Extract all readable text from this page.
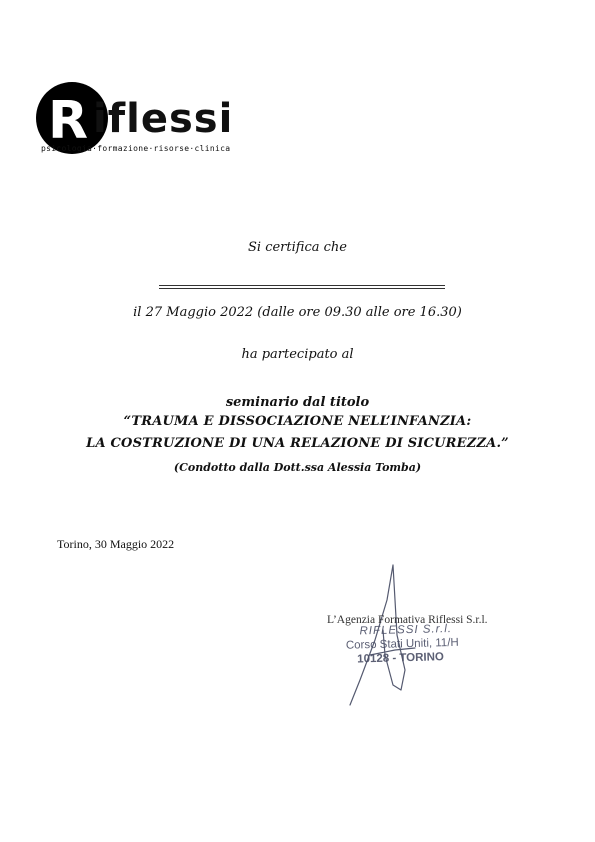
R iflessi
psicologia·formazione·risorse·clinica
Si certifica che
il 27 Maggio 2022 (dalle ore 09.30 alle ore 16.30)
ha partecipato al
seminario dal titolo
“TRAUMA E DISSOCIAZIONE NELL’INFANZIA:
LA COSTRUZIONE DI UNA RELAZIONE DI SICUREZZA.”
(Condotto dalla Dott.ssa Alessia Tomba)
Torino, 30 Maggio 2022
L’Agenzia Formativa Riflessi S.r.l.
RIFLESSI S.r.l.
Corso Stati Uniti, 11/H
10128 - TORINO
